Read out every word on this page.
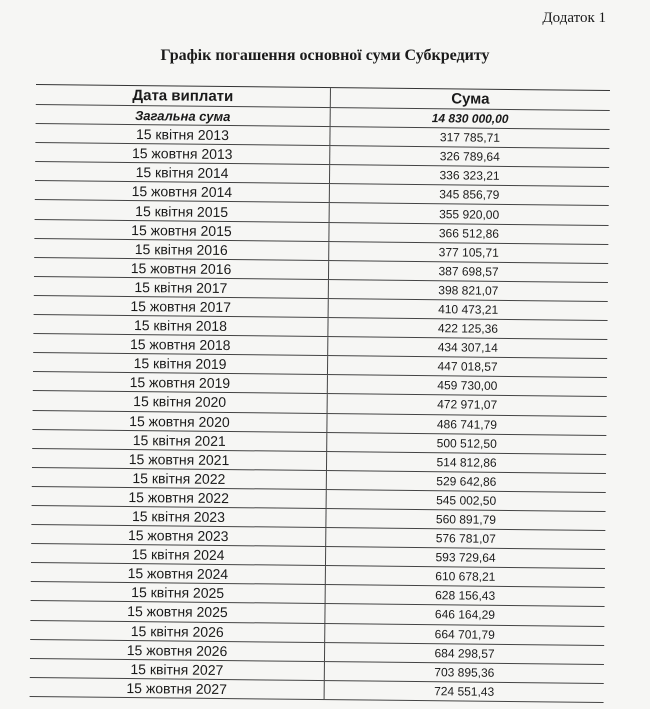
Додаток 1
Графік погашення основної суми Субкредиту
Дата виплати	Сума
Загальна сума	14 830 000,00
15 квітня 2013	317 785,71
15 жовтня 2013	326 789,64
15 квітня 2014	336 323,21
15 жовтня 2014	345 856,79
15 квітня 2015	355 920,00
15 жовтня 2015	366 512,86
15 квітня 2016	377 105,71
15 жовтня 2016	387 698,57
15 квітня 2017	398 821,07
15 жовтня 2017	410 473,21
15 квітня 2018	422 125,36
15 жовтня 2018	434 307,14
15 квітня 2019	447 018,57
15 жовтня 2019	459 730,00
15 квітня 2020	472 971,07
15 жовтня 2020	486 741,79
15 квітня 2021	500 512,50
15 жовтня 2021	514 812,86
15 квітня 2022	529 642,86
15 жовтня 2022	545 002,50
15 квітня 2023	560 891,79
15 жовтня 2023	576 781,07
15 квітня 2024	593 729,64
15 жовтня 2024	610 678,21
15 квітня 2025	628 156,43
15 жовтня 2025	646 164,29
15 квітня 2026	664 701,79
15 жовтня 2026	684 298,57
15 квітня 2027	703 895,36
15 жовтня 2027	724 551,43
